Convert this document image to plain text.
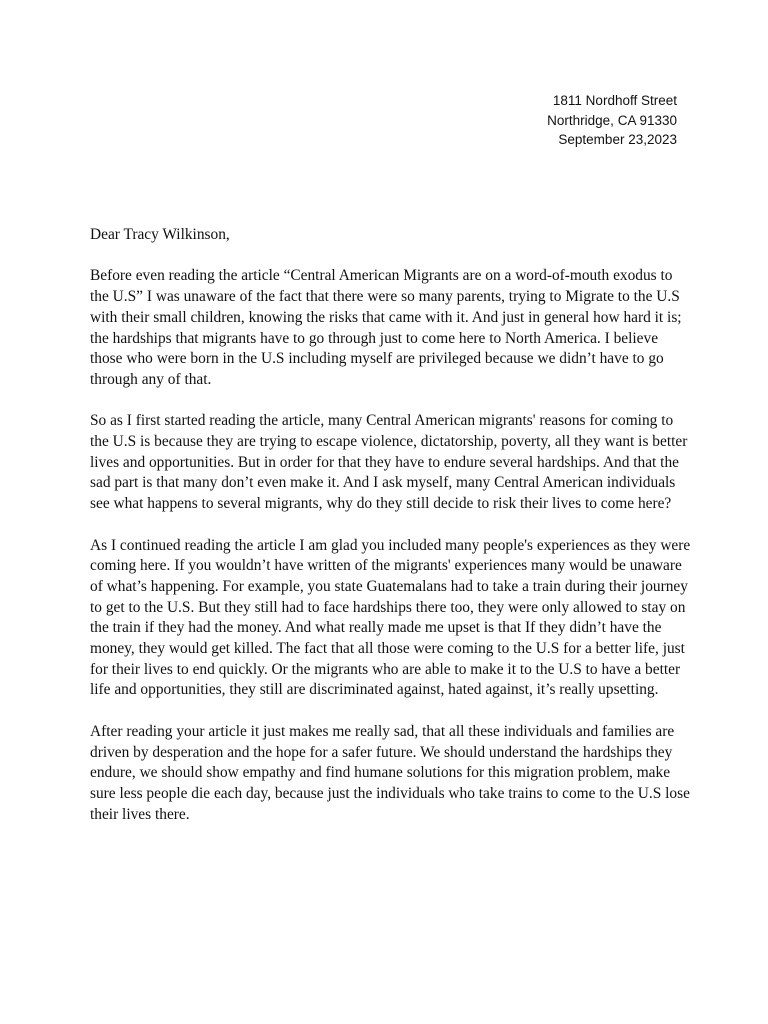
1811 Nordhoff Street
Northridge, CA 91330
September 23,2023
Dear Tracy Wilkinson,
Before even reading the article “Central American Migrants are on a word-of-mouth exodus to
the U.S” I was unaware of the fact that there were so many parents, trying to Migrate to the U.S
with their small children, knowing the risks that came with it. And just in general how hard it is;
the hardships that migrants have to go through just to come here to North America. I believe
those who were born in the U.S including myself are privileged because we didn’t have to go
through any of that.
So as I first started reading the article, many Central American migrants' reasons for coming to
the U.S is because they are trying to escape violence, dictatorship, poverty, all they want is better
lives and opportunities. But in order for that they have to endure several hardships. And that the
sad part is that many don’t even make it. And I ask myself, many Central American individuals
see what happens to several migrants, why do they still decide to risk their lives to come here?
As I continued reading the article I am glad you included many people's experiences as they were
coming here. If you wouldn’t have written of the migrants' experiences many would be unaware
of what’s happening. For example, you state Guatemalans had to take a train during their journey
to get to the U.S. But they still had to face hardships there too, they were only allowed to stay on
the train if they had the money. And what really made me upset is that If they didn’t have the
money, they would get killed. The fact that all those were coming to the U.S for a better life, just
for their lives to end quickly. Or the migrants who are able to make it to the U.S to have a better
life and opportunities, they still are discriminated against, hated against, it’s really upsetting.
After reading your article it just makes me really sad, that all these individuals and families are
driven by desperation and the hope for a safer future. We should understand the hardships they
endure, we should show empathy and find humane solutions for this migration problem, make
sure less people die each day, because just the individuals who take trains to come to the U.S lose
their lives there.
